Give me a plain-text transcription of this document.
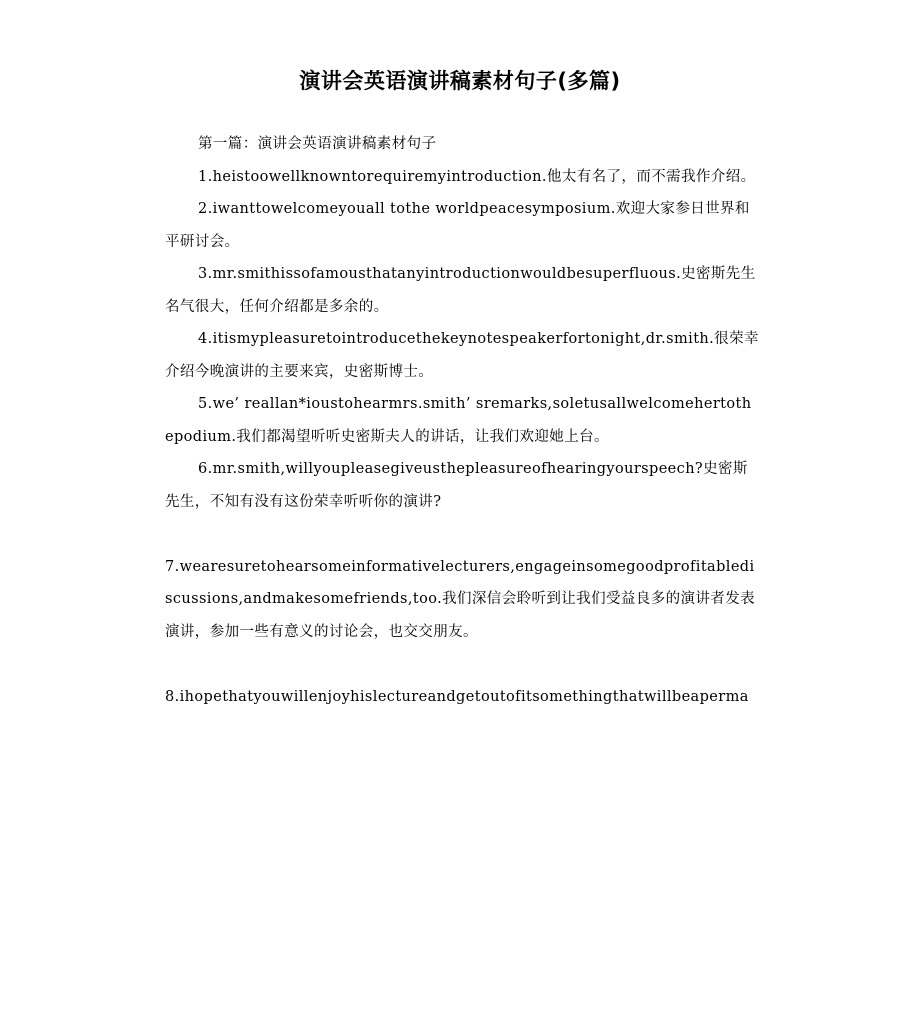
演讲会英语演讲稿素材句子(多篇)

第一篇：演讲会英语演讲稿素材句子

1.heistoowellknowntorequiremyintroduction.他太有名了，而不需我作介绍。

2.iwanttowelcomeyouall tothe worldpeacesymposium.欢迎大家参日世界和平研讨会。

3.mr.smithissofamousthatanyintroductionwouldbesuperfluous.史密斯先生名气很大，任何介绍都是多余的。

4.itismypleasuretointroducethekeynotespeakerfortonight,dr.smith.很荣幸介绍今晚演讲的主要来宾，史密斯博士。

5.we’ reallan*ioustohearmrs.smith’ sremarks,soletusallwelcomehertothepodium.我们都渴望听听史密斯夫人的讲话，让我们欢迎她上台。

6.mr.smith,willyoupleasegiveusthepleasureofhearingyourspeech?史密斯先生，不知有没有这份荣幸听听你的演讲?

7.wearesuretohearsomeinformativelecturers,engageinsomegoodprofitablediscussions,andmakesomefriends,too.我们深信会聆听到让我们受益良多的演讲者发表演讲，参加一些有意义的讨论会，也交交朋友。

8.ihopethatyouwillenjoyhislectureandgetoutofitsomethingthatwillbeaperma
